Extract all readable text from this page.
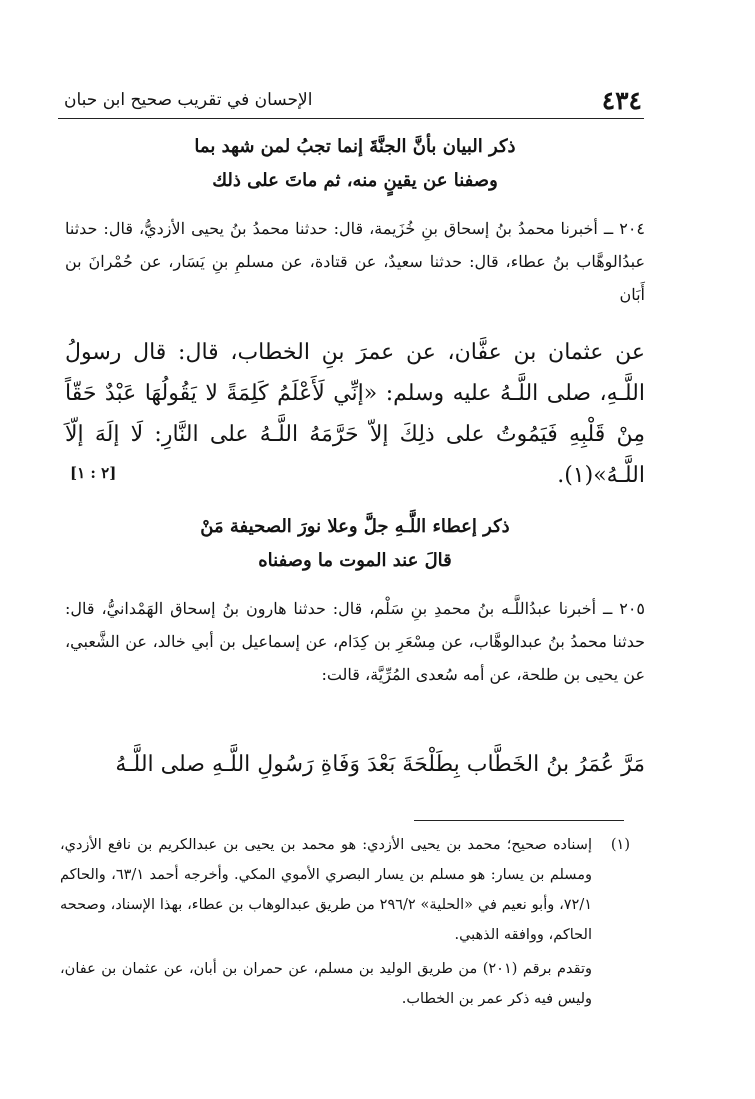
٤٣٤
الإحسان في تقريب صحيح ابن حبان
ذكر البيان بأنَّ الجنَّةَ إنما تجبُ لمن شهد بما
وصفنا عن يقينٍ منه، ثم ماتَ على ذلك
٢٠٤ ــ أخبرنا محمدُ بنُ إسحاق بنِ خُزَيمة، قال: حدثنا محمدُ بنُ يحيى الأزديُّ، قال: حدثنا عبدُالوهَّاب بنُ عطاء، قال: حدثنا سعيدٌ، عن قتادة، عن مسلمِ بنِ يَسَار، عن حُمْرانَ بن أَبَان
عن عثمان بن عفَّان، عن عمرَ بنِ الخطاب، قال: قال رسولُ اللَّـهِ، صلى اللَّـهُ عليه وسلم: «إنِّي لَأَعْلَمُ كَلِمَةً لا يَقُولُهَا عَبْدٌ حَقّاً مِنْ قَلْبِهِ فَيَمُوتُ على ذلِكَ إلاّ حَرَّمَهُ اللَّـهُ على النَّارِ: لَا إلَهَ إلّاَ اللَّـهُ»(١).
[٢ : ١]
ذكر إعطاء اللَّـهِ جلَّ وعلا نورَ الصحيفة مَنْ
قالَ عند الموت ما وصفناه
٢٠٥ ــ أخبرنا عبدُاللَّـه بنُ محمدِ بنِ سَلْم، قال: حدثنا هارون بنُ إسحاق الهَمْدانيُّ، قال: حدثنا محمدُ بنُ عبدالوهَّاب، عن مِسْعَرِ بن كِدَام، عن إسماعيل بن أبي خالد، عن الشَّعبي، عن يحيى بن طلحة، عن أمه سُعدى المُرِّيَّة، قالت:
مَرَّ عُمَرُ بنُ الخَطَّاب بِطَلْحَةَ بَعْدَ وَفَاةِ رَسُولِ اللَّـهِ صلى اللَّـهُ
(١)
إسناده صحيح؛ محمد بن يحيى الأزدي: هو محمد بن يحيى بن عبدالكريم بن نافع الأزدي، ومسلم بن يسار: هو مسلم بن يسار البصري الأموي المكي. وأخرجه أحمد ٦٣/١، والحاكم ٧٢/١، وأبو نعيم في «الحلية» ٢٩٦/٢ من طريق عبدالوهاب بن عطاء، بهذا الإسناد، وصححه الحاكم، ووافقه الذهبي.
وتقدم برقم (٢٠١) من طريق الوليد بن مسلم، عن حمران بن أبان، عن عثمان بن عفان، وليس فيه ذكر عمر بن الخطاب.
